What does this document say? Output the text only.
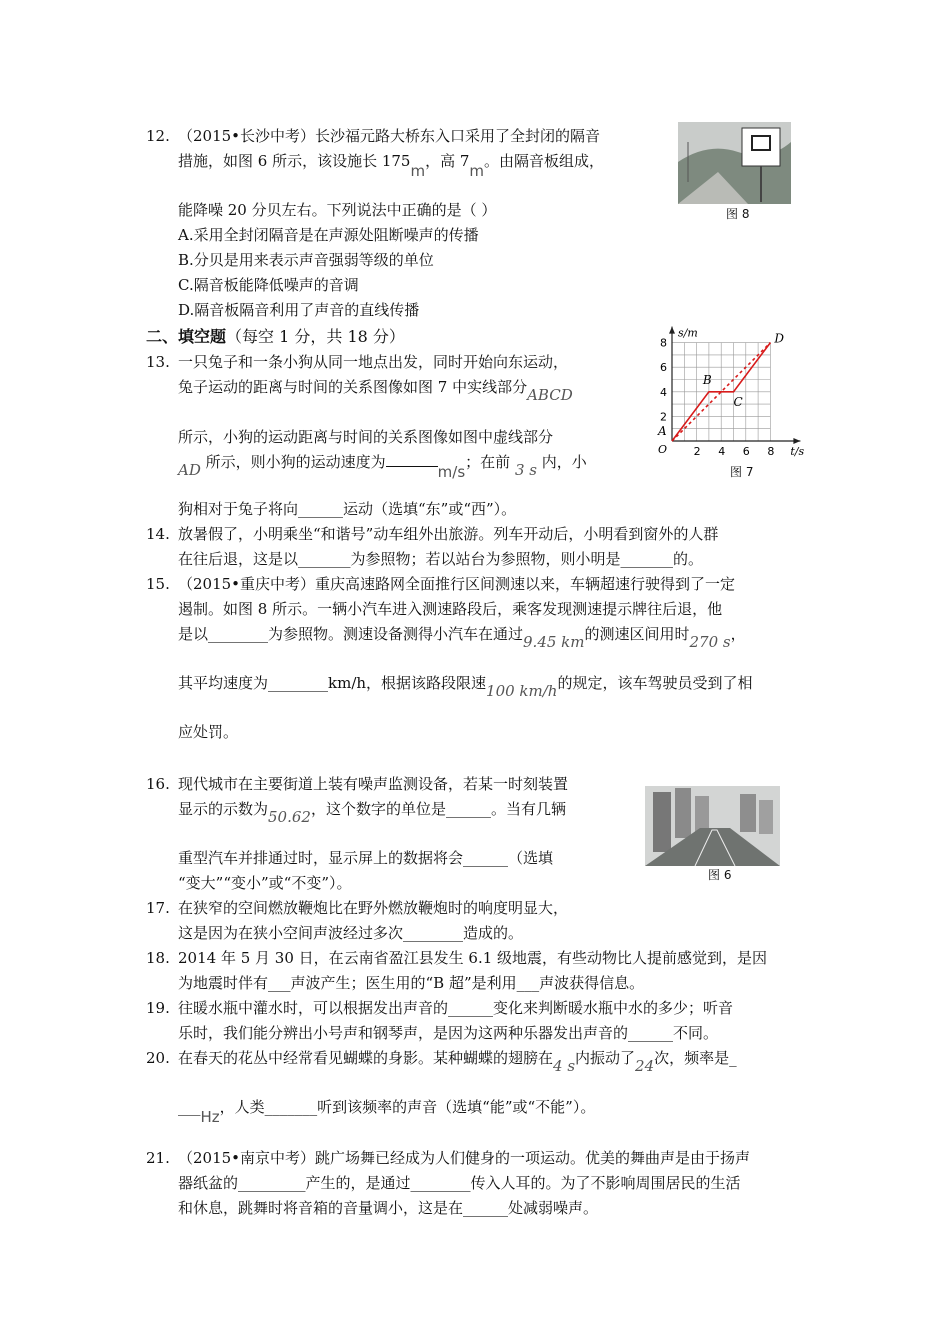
12. （2015•长沙中考）长沙福元路大桥东入口采用了全封闭的隔音
措施，如图 6 所示，该设施长 175m，高 7m。由隔音板组成，
能降噪 20 分贝左右。下列说法中正确的是（ ）
A.采用全封闭隔音是在声源处阻断噪声的传播
B.分贝是用来表示声音强弱等级的单位
C.隔音板能降低噪声的音调
D.隔音板隔音利用了声音的直线传播
图 8
二、填空题（每空 1 分，共 18 分）
13. 一只兔子和一条小狗从同一地点出发，同时开始向东运动，
兔子运动的距离与时间的关系图像如图 7 中实线部分ABCD
所示，小狗的运动距离与时间的关系图像如图中虚线部分
AD 所示，则小狗的运动速度为m/s；在前 3 s 内，小
狗相对于兔子将向______运动（选填“东”或“西”）。
s/m
t/s
O 2 4 6 8
2
4
6
8
A
B
C
D
图 7
14. 放暑假了，小明乘坐“和谐号”动车组外出旅游。列车开动后，小明看到窗外的人群
在往后退，这是以_______为参照物；若以站台为参照物，则小明是_______的。
15. （2015•重庆中考）重庆高速路网全面推行区间测速以来，车辆超速行驶得到了一定
遏制。如图 8 所示。一辆小汽车进入测速路段后，乘客发现测速提示牌往后退，他
是以________为参照物。测速设备测得小汽车在通过9.45 km的测速区间用时270 s，
其平均速度为________km/h，根据该路段限速100 km/h的规定，该车驾驶员受到了相
应处罚。
16. 现代城市在主要街道上装有噪声监测设备，若某一时刻装置
显示的示数为50.62，这个数字的单位是______。当有几辆
重型汽车并排通过时，显示屏上的数据将会______（选填
“变大”“变小”或“不变”）。	图 6
17. 在狭窄的空间燃放鞭炮比在野外燃放鞭炮时的响度明显大，
这是因为在狭小空间声波经过多次________造成的。
18. 2014 年 5 月 30 日，在云南省盈江县发生 6.1 级地震，有些动物比人提前感觉到，是因
为地震时伴有___声波产生；医生用的“B 超”是利用___声波获得信息。
19. 往暖水瓶中灌水时，可以根据发出声音的______变化来判断暖水瓶中水的多少；听音
乐时，我们能分辨出小号声和钢琴声，是因为这两种乐器发出声音的______不同。
20. 在春天的花丛中经常看见蝴蝶的身影。某种蝴蝶的翅膀在4 s内振动了24次，频率是_
___Hz，人类_______听到该频率的声音（选填“能”或“不能”）。
21. （2015•南京中考）跳广场舞已经成为人们健身的一项运动。优美的舞曲声是由于扬声
器纸盆的_________产生的，是通过________传入人耳的。为了不影响周围居民的生活
和休息，跳舞时将音箱的音量调小，这是在______处减弱噪声。
